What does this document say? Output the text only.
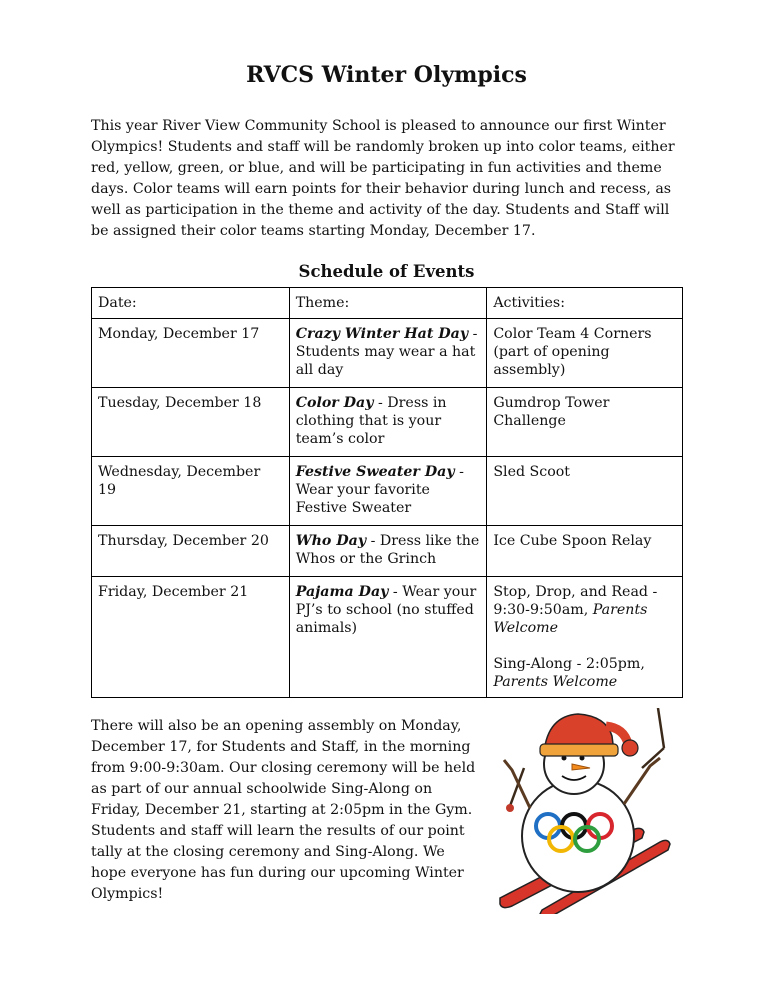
RVCS Winter Olympics

This year River View Community School is pleased to announce our first Winter Olympics! Students and staff will be randomly broken up into color teams, either red, yellow, green, or blue, and will be participating in fun activities and theme days. Color teams will earn points for their behavior during lunch and recess, as well as participation in the theme and activity of the day. Students and Staff will be assigned their color teams starting Monday, December 17.

Schedule of Events
Date:	Theme:	Activities:
Monday, December 17	Crazy Winter Hat Day - Students may wear a hat all day	Color Team 4 Corners (part of opening assembly)
Tuesday, December 18	Color Day - Dress in clothing that is your team’s color	Gumdrop Tower Challenge
Wednesday, December 19	Festive Sweater Day - Wear your favorite Festive Sweater	Sled Scoot
Thursday, December 20	Who Day - Dress like the Whos or the Grinch	Ice Cube Spoon Relay
Friday, December 21	Pajama Day - Wear your PJ’s to school (no stuffed animals)	Stop, Drop, and Read - 9:30-9:50am, Parents Welcome
Sing-Along - 2:05pm, Parents Welcome

There will also be an opening assembly on Monday, December 17, for Students and Staff, in the morning from 9:00-9:30am. Our closing ceremony will be held as part of our annual schoolwide Sing-Along on Friday, December 21, starting at 2:05pm in the Gym. Students and staff will learn the results of our point tally at the closing ceremony and Sing-Along. We hope everyone has fun during our upcoming Winter Olympics!
